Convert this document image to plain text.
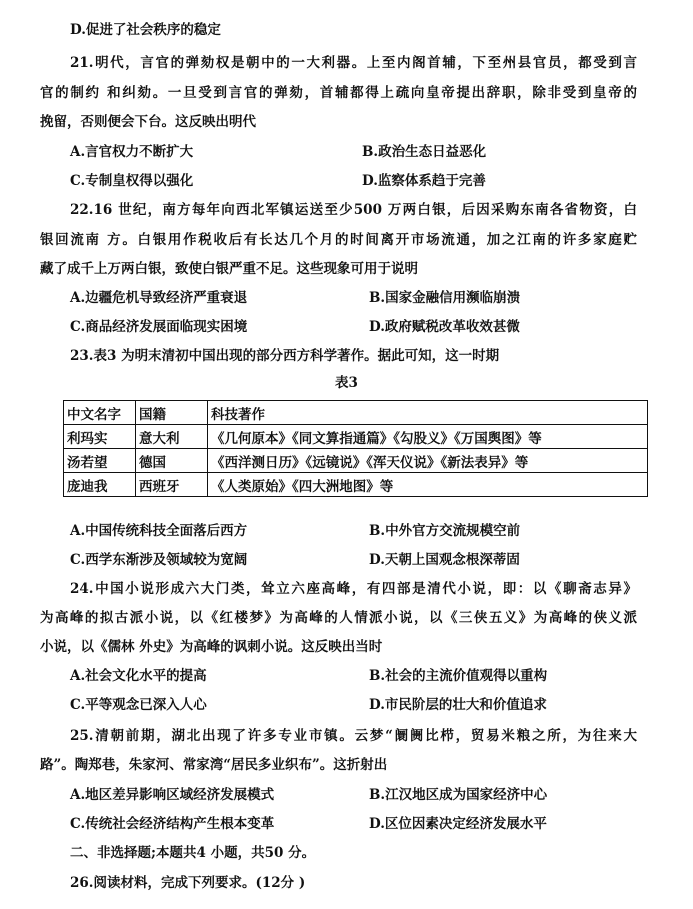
D.促进了社会秩序的稳定
21.明代，言官的弹劾权是朝中的一大利器。上至内阁首辅，下至州县官员，都受到言
官的制约 和纠劾。一旦受到言官的弹劾，首辅都得上疏向皇帝提出辞职，除非受到皇帝的
挽留，否则便会下台。这反映出明代
A.言官权力不断扩大	B.政治生态日益恶化
C.专制皇权得以强化	D.监察体系趋于完善
22.16 世纪，南方每年向西北军镇运送至少500 万两白银，后因采购东南各省物资，白
银回流南 方。白银用作税收后有长达几个月的时间离开市场流通，加之江南的许多家庭贮
藏了成千上万两白银，致使白银严重不足。这些现象可用于说明
A.边疆危机导致经济严重衰退	B.国家金融信用濒临崩溃
C.商品经济发展面临现实困境	D.政府赋税改革收效甚微
23.表3 为明末清初中国出现的部分西方科学著作。据此可知，这一时期
表3
中文名字	国籍	科技著作
利玛实	意大利	《几何原本》《同文算指通篇》《勾股义》《万国舆图》等
汤若望	德国	《西洋测日历》《远镜说》《浑天仪说》《新法表异》等
庞迪我	西班牙	《人类原始》《四大洲地图》等
A.中国传统科技全面落后西方	B.中外官方交流规模空前
C.西学东渐涉及领域较为宽阔	D.天朝上国观念根深蒂固
24.中国小说形成六大门类，耸立六座高峰，有四部是清代小说，即：以《聊斋志异》
为高峰的拟古派小说，以《红楼梦》为高峰的人情派小说，以《三侠五义》为高峰的侠义派
小说，以《儒林 外史》为高峰的讽刺小说。这反映出当时
A.社会文化水平的提高	B.社会的主流价值观得以重构
C.平等观念已深入人心	D.市民阶层的壮大和价值追求
25.清朝前期，湖北出现了许多专业市镇。云梦“阛阓比栉，贸易米粮之所，为往来大
路”。陶郑巷，朱家河、常家湾“居民多业织布”。这折射出
A.地区差异影响区域经济发展模式	B.江汉地区成为国家经济中心
C.传统社会经济结构产生根本变革	D.区位因素决定经济发展水平
二、非选择题;本题共4 小题，共50 分。
26.阅读材料，完成下列要求。(12分 )
